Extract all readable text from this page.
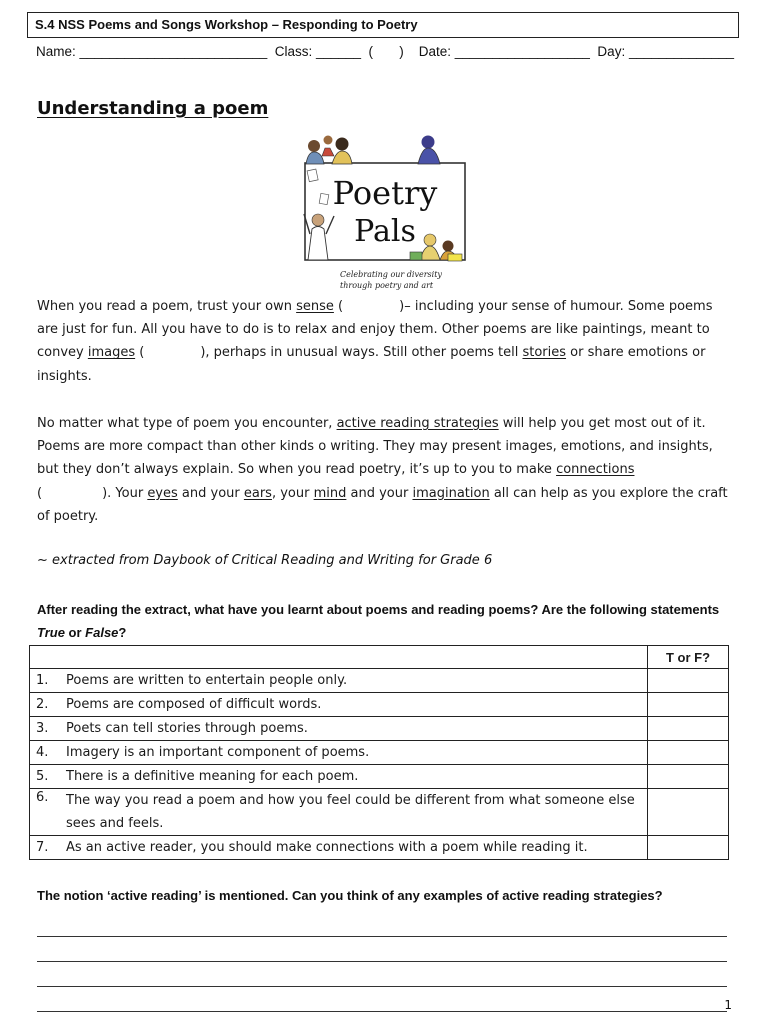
S.4 NSS Poems and Songs Workshop – Responding to Poetry
Name: _________________________  Class: ______  (       )    Date: __________________  Day: ______________
Understanding a poem
Poetry
Pals
Celebrating our diversity
through poetry and art
When you read a poem, trust your own sense (	)– including your sense of humour. Some poems are just for fun. All you have to do is to relax and enjoy them. Other poems are like paintings, meant to convey images (	), perhaps in unusual ways. Still other poems tell stories or share emotions or insights.
No matter what type of poem you encounter, active reading strategies will help you get most out of it. Poems are more compact than other kinds o writing. They may present images, emotions, and insights, but they don’t always explain. So when you read poetry, it’s up to you to make connections
(	). Your eyes and your ears, your mind and your imagination all can help as you explore the craft of poetry.
~ extracted from Daybook of Critical Reading and Writing for Grade 6
After reading the extract, what have you learnt about poems and reading poems? Are the following statements True or False?
		T or F?
1.	Poems are written to entertain people only.	
2.	Poems are composed of difficult words.	
3.	Poets can tell stories through poems.	
4.	Imagery is an important component of poems.	
5.	There is a definitive meaning for each poem.	
6.	The way you read a poem and how you feel could be different from what someone else sees and feels.	
7.	As an active reader, you should make connections with a poem while reading it.	
The notion ‘active reading’ is mentioned. Can you think of any examples of active reading strategies?
1
